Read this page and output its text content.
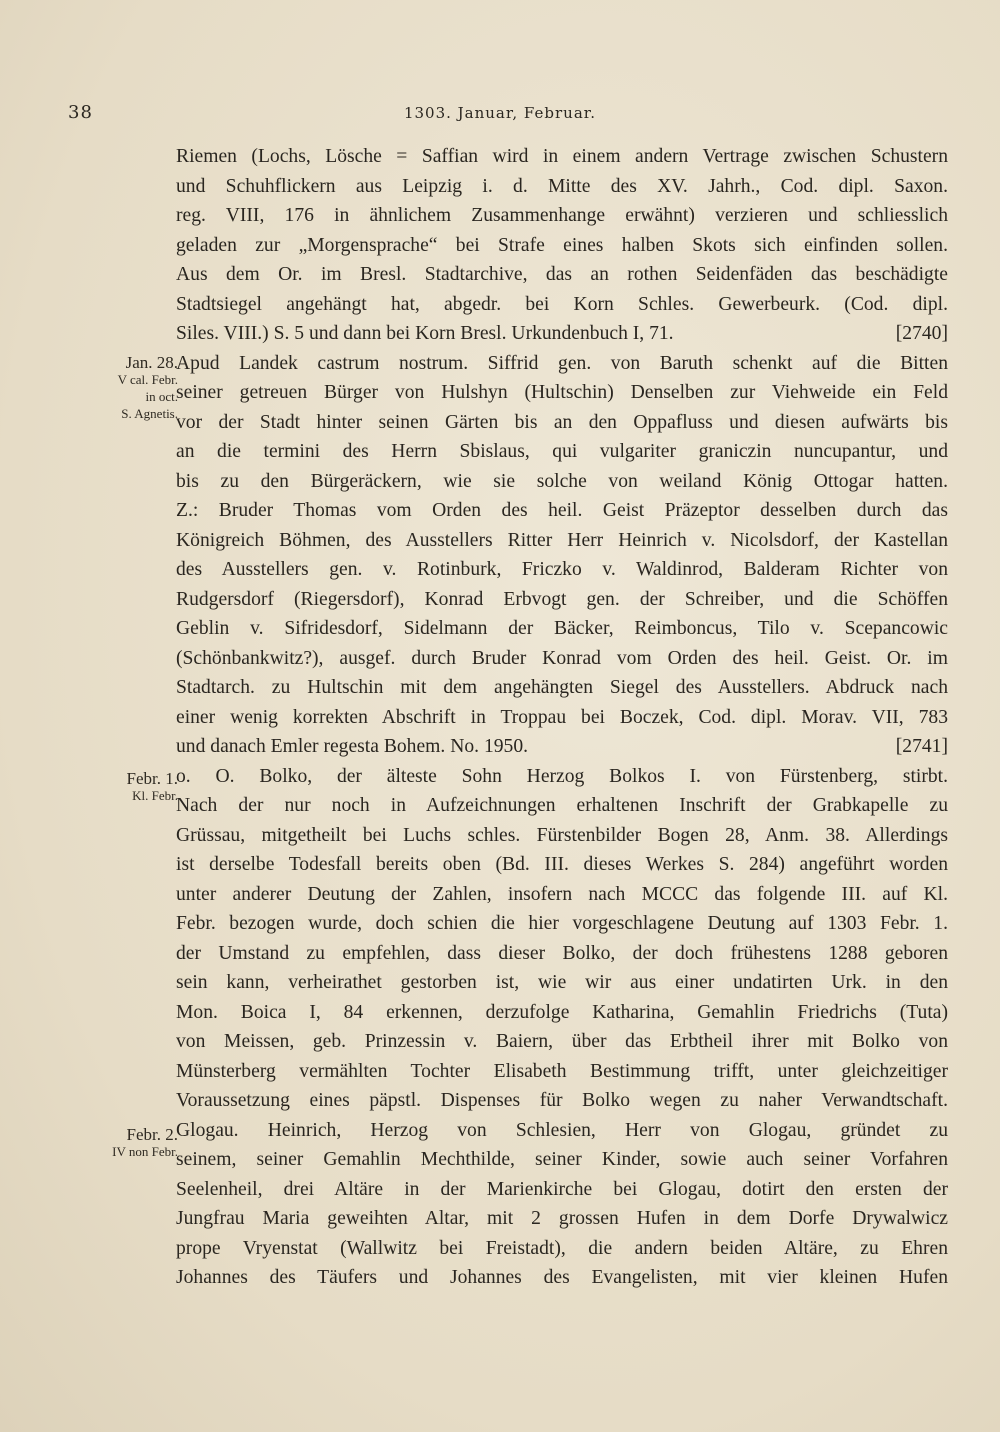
38	1303. Januar, Februar.
Jan. 28.
V cal. Febr.
in oct.
S. Agnetis.
Febr. 1.
Kl. Febr.
Febr. 2.
IV non Febr.
Riemen (Lochs, Lösche = Saffian wird in einem andern Vertrage zwischen Schustern
und Schuhflickern aus Leipzig i. d. Mitte des XV. Jahrh., Cod. dipl. Saxon.
reg. VIII, 176 in ähnlichem Zusammenhange erwähnt) verzieren und schliesslich
geladen zur „Morgensprache“ bei Strafe eines halben Skots sich einfinden sollen.
Aus dem Or. im Bresl. Stadtarchive, das an rothen Seidenfäden das beschädigte
Stadtsiegel angehängt hat, abgedr. bei Korn Schles. Gewerbeurk. (Cod. dipl.
Siles. VIII.) S. 5 und dann bei Korn Bresl. Urkundenbuch I, 71.	[2740]
Apud Landek castrum nostrum. Siffrid gen. von Baruth schenkt auf die Bitten
seiner getreuen Bürger von Hulshyn (Hultschin) Denselben zur Viehweide ein Feld
vor der Stadt hinter seinen Gärten bis an den Oppafluss und diesen aufwärts bis
an die termini des Herrn Sbislaus, qui vulgariter graniczin nuncupantur, und
bis zu den Bürgeräckern, wie sie solche von weiland König Ottogar hatten.
Z.: Bruder Thomas vom Orden des heil. Geist Präzeptor desselben durch das
Königreich Böhmen, des Ausstellers Ritter Herr Heinrich v. Nicolsdorf, der Kastellan
des Ausstellers gen. v. Rotinburk, Friczko v. Waldinrod, Balderam Richter von
Rudgersdorf (Riegersdorf), Konrad Erbvogt gen. der Schreiber, und die Schöffen
Geblin v. Sifridesdorf, Sidelmann der Bäcker, Reimboncus, Tilo v. Scepancowic
(Schönbankwitz?), ausgef. durch Bruder Konrad vom Orden des heil. Geist. Or. im
Stadtarch. zu Hultschin mit dem angehängten Siegel des Ausstellers. Abdruck nach
einer wenig korrekten Abschrift in Troppau bei Boczek, Cod. dipl. Morav. VII, 783
und danach Emler regesta Bohem. No. 1950.	[2741]
o. O. Bolko, der älteste Sohn Herzog Bolkos I. von Fürstenberg, stirbt.
Nach der nur noch in Aufzeichnungen erhaltenen Inschrift der Grabkapelle zu
Grüssau, mitgetheilt bei Luchs schles. Fürstenbilder Bogen 28, Anm. 38. Allerdings
ist derselbe Todesfall bereits oben (Bd. III. dieses Werkes S. 284) angeführt worden
unter anderer Deutung der Zahlen, insofern nach MCCC das folgende III. auf Kl.
Febr. bezogen wurde, doch schien die hier vorgeschlagene Deutung auf 1303 Febr. 1.
der Umstand zu empfehlen, dass dieser Bolko, der doch frühestens 1288 geboren
sein kann, verheirathet gestorben ist, wie wir aus einer undatirten Urk. in den
Mon. Boica I, 84 erkennen, derzufolge Katharina, Gemahlin Friedrichs (Tuta)
von Meissen, geb. Prinzessin v. Baiern, über das Erbtheil ihrer mit Bolko von
Münsterberg vermählten Tochter Elisabeth Bestimmung trifft, unter gleichzeitiger
Voraussetzung eines päpstl. Dispenses für Bolko wegen zu naher Verwandtschaft.
Glogau. Heinrich, Herzog von Schlesien, Herr von Glogau, gründet zu
seinem, seiner Gemahlin Mechthilde, seiner Kinder, sowie auch seiner Vorfahren
Seelenheil, drei Altäre in der Marienkirche bei Glogau, dotirt den ersten der
Jungfrau Maria geweihten Altar, mit 2 grossen Hufen in dem Dorfe Drywalwicz
prope Vryenstat (Wallwitz bei Freistadt), die andern beiden Altäre, zu Ehren
Johannes des Täufers und Johannes des Evangelisten, mit vier kleinen Hufen
